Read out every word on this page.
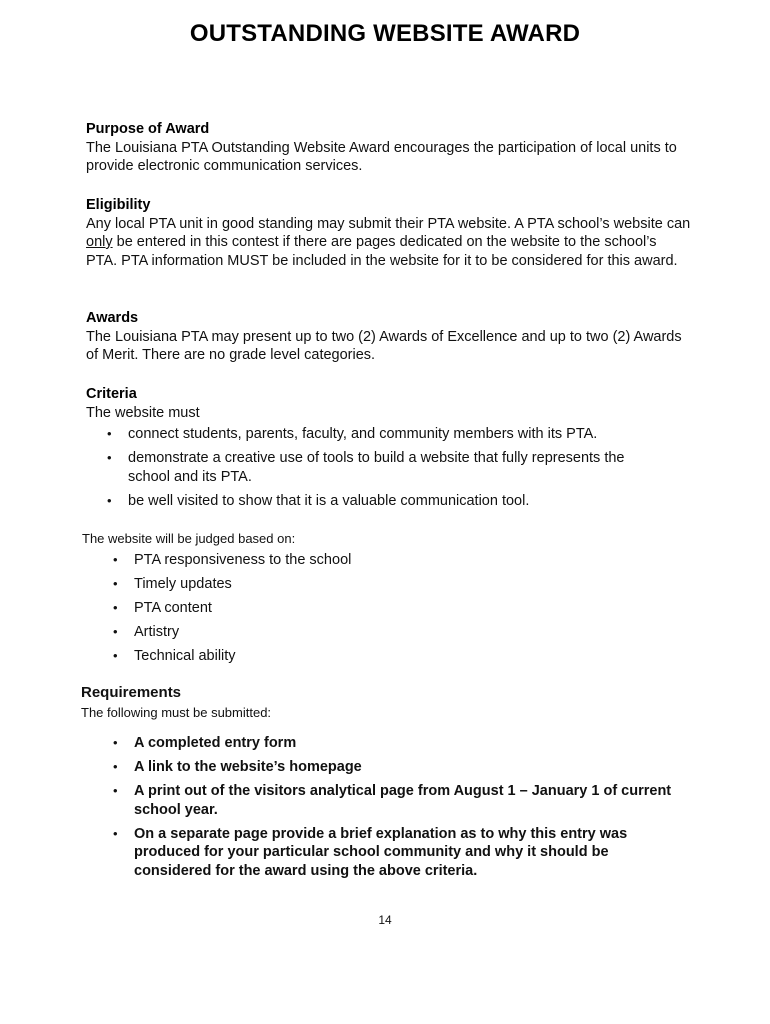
OUTSTANDING WEBSITE AWARD
Purpose of Award

The Louisiana PTA Outstanding Website Award encourages the participation of local units to provide electronic communication services.

Eligibility

Any local PTA unit in good standing may submit their PTA website. A PTA school’s website can only be entered in this contest if there are pages dedicated on the website to the school’s PTA. PTA information MUST be included in the website for it to be considered for this award.

Awards

The Louisiana PTA may present up to two (2) Awards of Excellence and up to two (2) Awards of Merit. There are no grade level categories.

Criteria

The website must

• connect students, parents, faculty, and community members with its PTA.
• demonstrate a creative use of tools to build a website that fully represents the school and its PTA.
• be well visited to show that it is a valuable communication tool.
The website will be judged based on:
• PTA responsiveness to the school
• Timely updates
• PTA content
• Artistry
• Technical ability
Requirements
The following must be submitted:
• A completed entry form
• A link to the website’s homepage
• A print out of the visitors analytical page from August 1 – January 1 of current school year.
• On a separate page provide a brief explanation as to why this entry was produced for your particular school community and why it should be considered for the award using the above criteria.
14
